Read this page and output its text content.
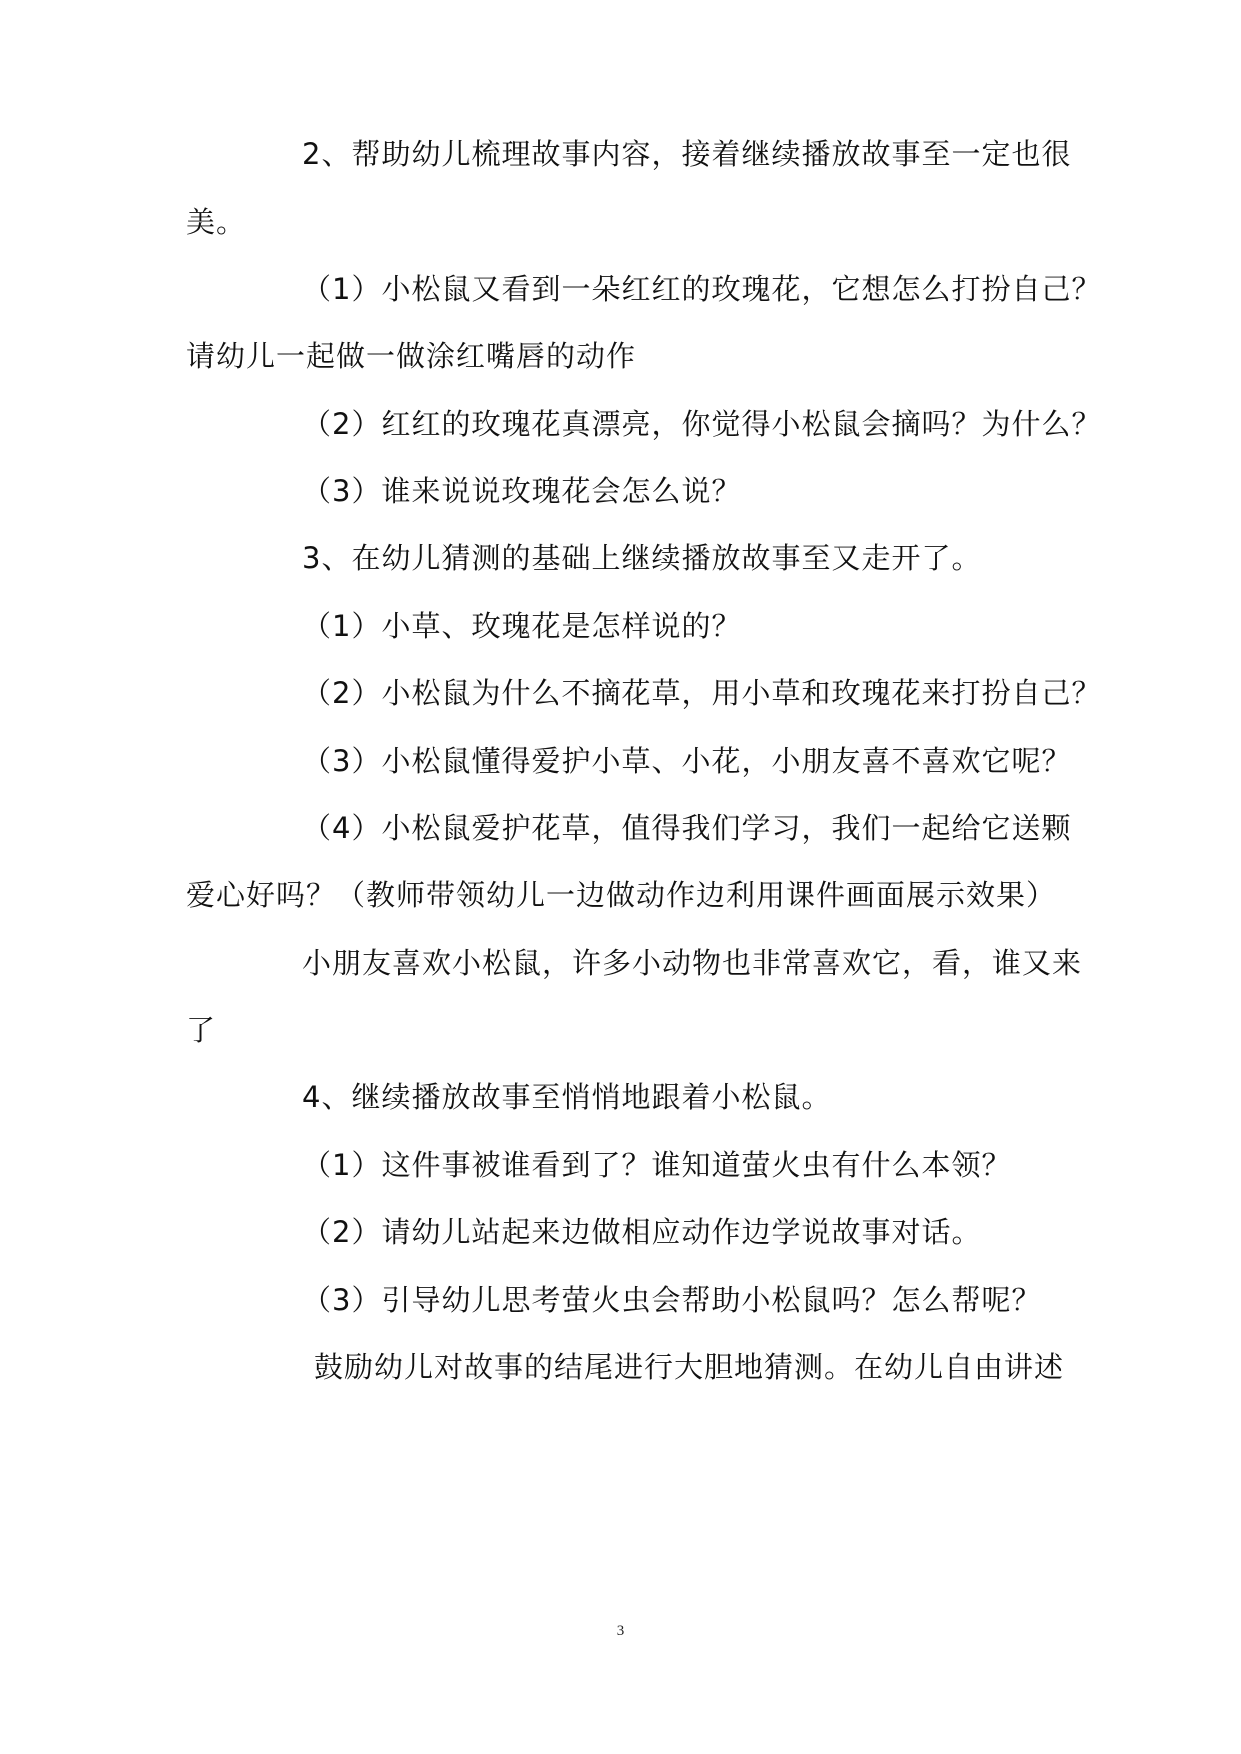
2、帮助幼儿梳理故事内容，接着继续播放故事至一定也很
美。
（1）小松鼠又看到一朵红红的玫瑰花，它想怎么打扮自己？
请幼儿一起做一做涂红嘴唇的动作
（2）红红的玫瑰花真漂亮，你觉得小松鼠会摘吗？为什么？
（3）谁来说说玫瑰花会怎么说？
3、在幼儿猜测的基础上继续播放故事至又走开了。
（1）小草、玫瑰花是怎样说的？
（2）小松鼠为什么不摘花草，用小草和玫瑰花来打扮自己？
（3）小松鼠懂得爱护小草、小花，小朋友喜不喜欢它呢？
（4）小松鼠爱护花草，值得我们学习，我们一起给它送颗
爱心好吗？（教师带领幼儿一边做动作边利用课件画面展示效果）
小朋友喜欢小松鼠，许多小动物也非常喜欢它，看，谁又来
了
4、继续播放故事至悄悄地跟着小松鼠。
（1）这件事被谁看到了？谁知道萤火虫有什么本领？
（2）请幼儿站起来边做相应动作边学说故事对话。
（3）引导幼儿思考萤火虫会帮助小松鼠吗？怎么帮呢？
鼓励幼儿对故事的结尾进行大胆地猜测。在幼儿自由讲述
3
